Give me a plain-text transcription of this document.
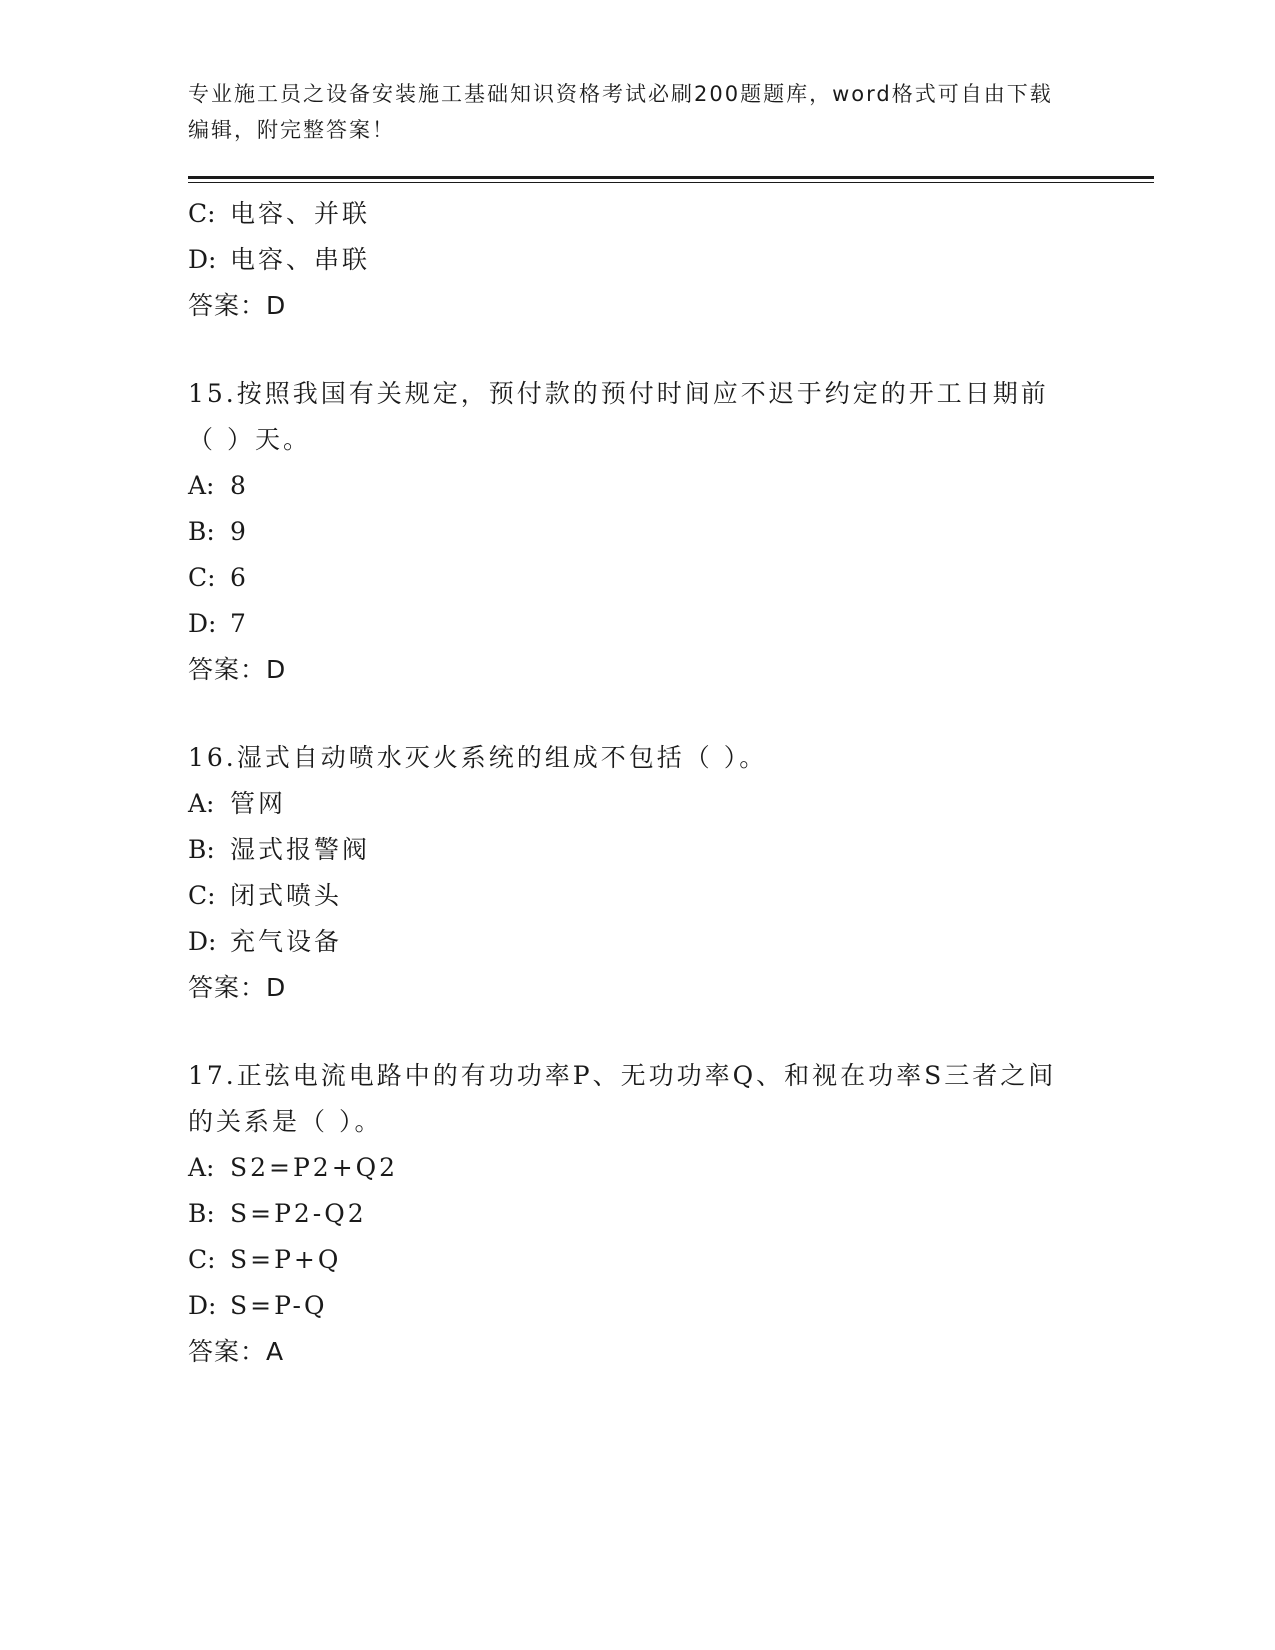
专业施工员之设备安装施工基础知识资格考试必刷200题题库，word格式可自由下载编辑，附完整答案！
C: 电容、并联
D: 电容、串联
答案：D
15.按照我国有关规定，预付款的预付时间应不迟于约定的开工日期前（ ）天。
A: 8
B: 9
C: 6
D: 7
答案：D
16.湿式自动喷水灭火系统的组成不包括（ ）。
A: 管网
B: 湿式报警阀
C: 闭式喷头
D: 充气设备
答案：D
17.正弦电流电路中的有功功率P、无功功率Q、和视在功率S三者之间的关系是（ ）。
A: S2=P2+Q2
B: S=P2-Q2
C: S=P+Q
D: S=P-Q
答案：A
